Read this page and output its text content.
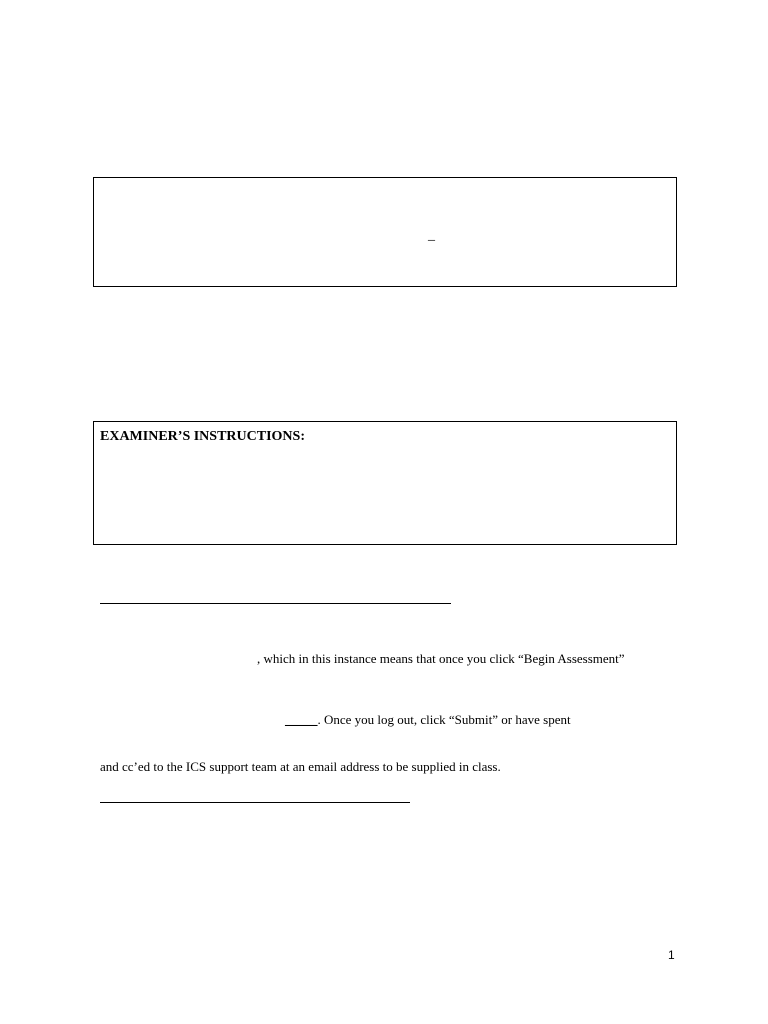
_
EXAMINER’S INSTRUCTIONS:
, which in this instance means that once you click “Begin Assessment”
_____. Once you log out, click “Submit” or have spent
and cc’ed to the ICS support team at an email address to be supplied in class.
1
